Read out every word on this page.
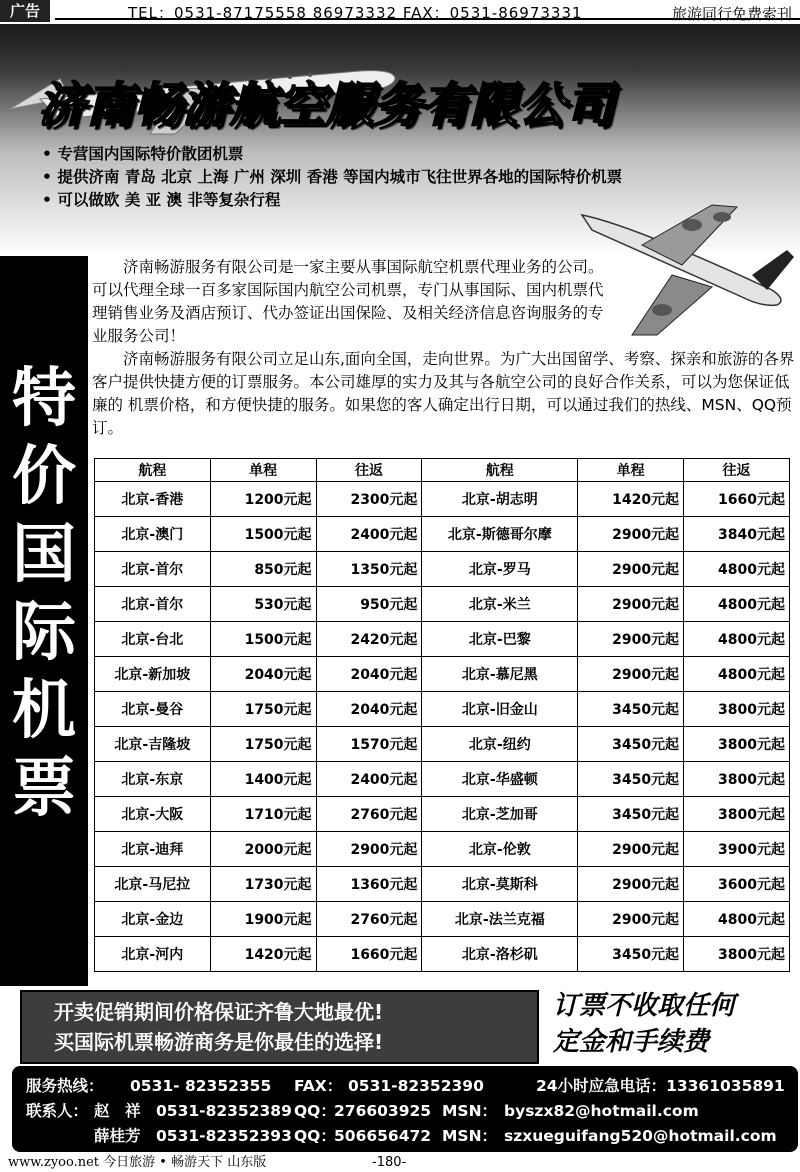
广告	TEL：0531-87175558 86973332 FAX：0531-86973331	旅游同行免费索刊
济南畅游航空服务有限公司
• 专营国内国际特价散团机票
• 提供济南 青岛 北京 上海 广州 深圳 香港 等国内城市飞往世界各地的国际特价机票
• 可以做欧 美 亚 澳 非等复杂行程
特
价
国
际
机
票

济南畅游服务有限公司是一家主要从事国际航空机票代理业务的公司。可以代理全球一百多家国际国内航空公司机票，专门从事国际、国内机票代理销售业务及酒店预订、代办签证出国保险、及相关经济信息咨询服务的专业服务公司！

济南畅游服务有限公司立足山东,面向全国，走向世界。为广大出国留学、考察、探亲和旅游的各界客户提供快捷方便的订票服务。本公司雄厚的实力及其与各航空公司的良好合作关系，可以为您保证低廉的 机票价格，和方便快捷的服务。如果您的客人确定出行日期，可以通过我们的热线、MSN、QQ预订。

航程	单程	往返	航程	单程	往返
北京-香港	1200元起	2300元起	北京-胡志明	1420元起	1660元起
北京-澳门	1500元起	2400元起	北京-斯德哥尔摩	2900元起	3840元起
北京-首尔	850元起	1350元起	北京-罗马	2900元起	4800元起
北京-首尔	530元起	950元起	北京-米兰	2900元起	4800元起
北京-台北	1500元起	2420元起	北京-巴黎	2900元起	4800元起
北京-新加坡	2040元起	2040元起	北京-慕尼黑	2900元起	4800元起
北京-曼谷	1750元起	2040元起	北京-旧金山	3450元起	3800元起
北京-吉隆坡	1750元起	1570元起	北京-纽约	3450元起	3800元起
北京-东京	1400元起	2400元起	北京-华盛顿	3450元起	3800元起
北京-大阪	1710元起	2760元起	北京-芝加哥	3450元起	3800元起
北京-迪拜	2000元起	2900元起	北京-伦敦	2900元起	3900元起
北京-马尼拉	1730元起	1360元起	北京-莫斯科	2900元起	3600元起
北京-金边	1900元起	2760元起	北京-法兰克福	2900元起	4800元起
北京-河内	1420元起	1660元起	北京-洛杉矶	3450元起	3800元起
开卖促销期间价格保证齐鲁大地最优!
买国际机票畅游商务是你最佳的选择!
订票不收取任何
定金和手续费
服务热线： 0531- 82352355 FAX： 0531-82352390	24小时应急电话：13361035891
联系人： 赵　祥 0531-82352389 QQ：276603925 MSN： byszx82@hotmail.com
薛桂芳 0531-82352393 QQ：506656472 MSN： szxueguifang520@hotmail.com
www.zyoo.net 今日旅游 • 畅游天下 山东版	-180-
